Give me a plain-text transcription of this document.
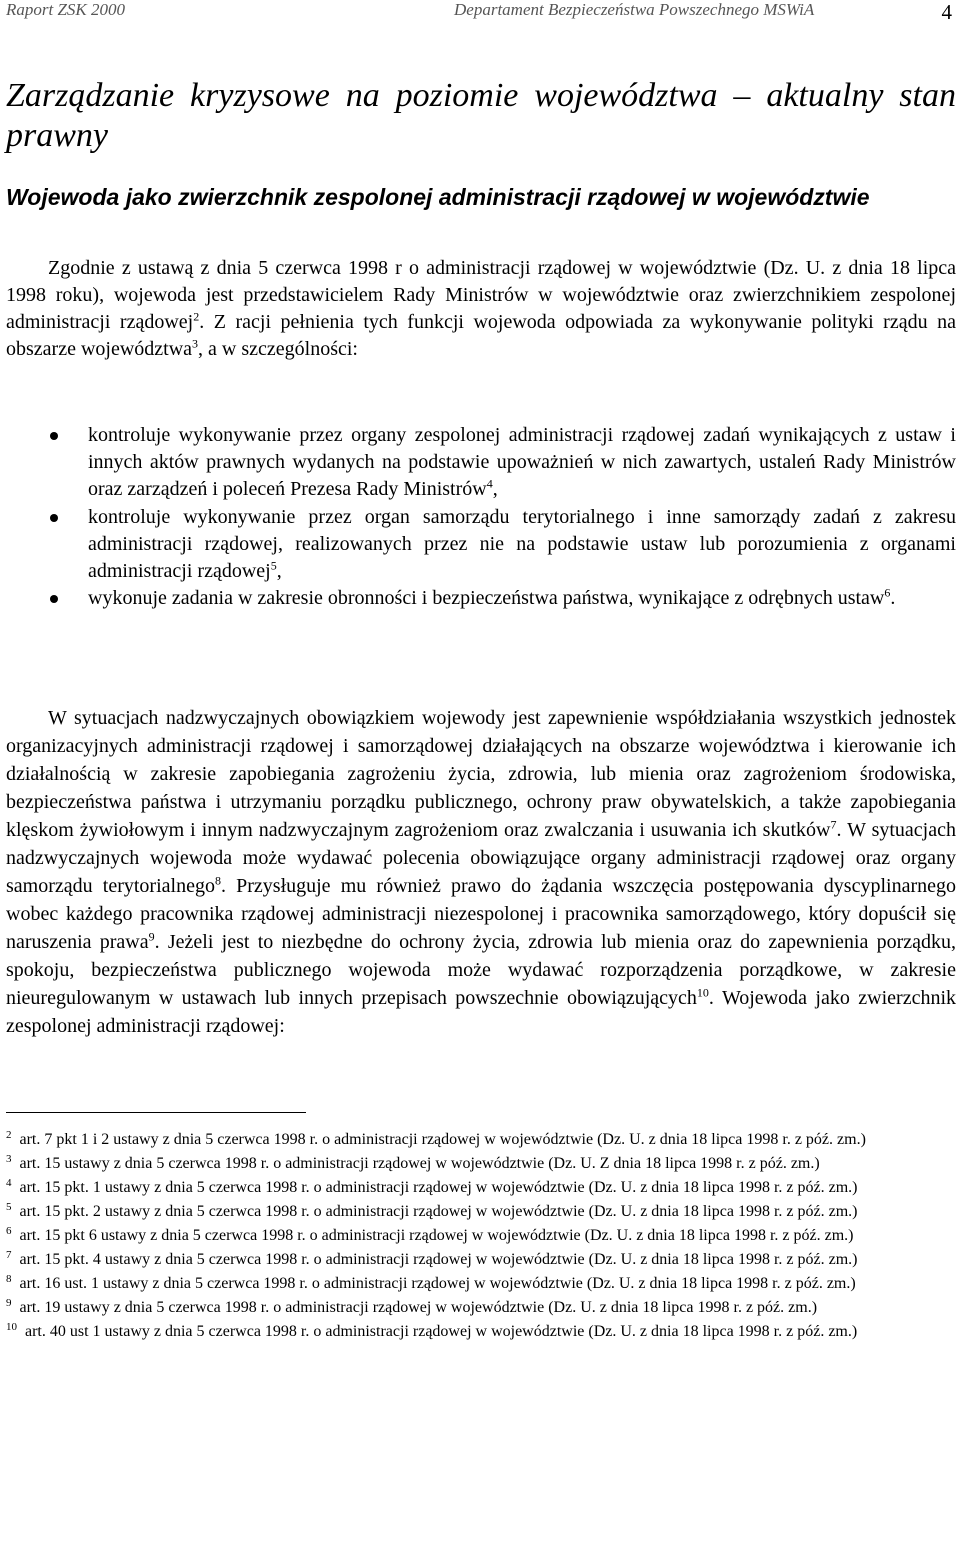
Raport ZSK 2000	Departament Bezpieczeństwa Powszechnego MSWiA	4
Zarządzanie kryzysowe na poziomie województwa – aktualny stan prawny
Wojewoda jako zwierzchnik zespolonej administracji rządowej w województwie

Zgodnie z ustawą z dnia 5 czerwca 1998 r o administracji rządowej w województwie (Dz. U. z dnia 18 lipca 1998 roku), wojewoda jest przedstawicielem Rady Ministrów w województwie oraz zwierzchnikiem zespolonej administracji rządowej$^2$. Z racji pełnienia tych funkcji wojewoda odpowiada za wykonywanie polityki rządu na obszarze województwa$^3$, a w szczególności:

kontroluje wykonywanie przez organy zespolonej administracji rządowej zadań wynikających z ustaw i innych aktów prawnych wydanych na podstawie upoważnień w nich zawartych, ustaleń Rady Ministrów oraz zarządzeń i poleceń Prezesa Rady Ministrów$^4$,
kontroluje wykonywanie przez organ samorządu terytorialnego i inne samorządy zadań z zakresu administracji rządowej, realizowanych przez nie na podstawie ustaw lub porozumienia z organami administracji rządowej$^5$,
wykonuje zadania w zakresie obronności i bezpieczeństwa państwa, wynikające z odrębnych ustaw$^6$.

W sytuacjach nadzwyczajnych obowiązkiem wojewody jest zapewnienie współdziałania wszystkich jednostek organizacyjnych administracji rządowej i samorządowej działających na obszarze województwa i kierowanie ich działalnością w zakresie zapobiegania zagrożeniu życia, zdrowia, lub mienia oraz zagrożeniom środowiska, bezpieczeństwa państwa i utrzymaniu porządku publicznego, ochrony praw obywatelskich, a także zapobiegania klęskom żywiołowym i innym nadzwyczajnym zagrożeniom oraz zwalczania i usuwania ich skutków$^7$. W sytuacjach nadzwyczajnych wojewoda może wydawać polecenia obowiązujące organy administracji rządowej oraz organy samorządu terytorialnego$^8$. Przysługuje mu również prawo do żądania wszczęcia postępowania dyscyplinarnego wobec każdego pracownika rządowej administracji niezespolonej i pracownika samorządowego, który dopuścił się naruszenia prawa$^9$. Jeżeli jest to niezbędne do ochrony życia, zdrowia lub mienia oraz do zapewnienia porządku, spokoju, bezpieczeństwa publicznego wojewoda może wydawać rozporządzenia porządkowe, w zakresie nieuregulowanym w ustawach lub innych przepisach powszechnie obowiązujących$^{10}$. Wojewoda jako zwierzchnik zespolonej administracji rządowej:

$^2$ art. 7 pkt 1 i 2 ustawy z dnia 5 czerwca 1998 r. o administracji rządowej w województwie (Dz. U. z dnia 18 lipca 1998 r. z póź. zm.)
$^3$ art. 15 ustawy z dnia 5 czerwca 1998 r. o administracji rządowej w województwie (Dz. U. Z dnia 18 lipca 1998 r. z póź. zm.)
$^4$ art. 15 pkt. 1 ustawy z dnia 5 czerwca 1998 r. o administracji rządowej w województwie (Dz. U. z dnia 18 lipca 1998 r. z póź. zm.)
$^5$ art. 15 pkt. 2 ustawy z dnia 5 czerwca 1998 r. o administracji rządowej w województwie (Dz. U. z dnia 18 lipca 1998 r. z póź. zm.)
$^6$ art. 15 pkt 6 ustawy z dnia 5 czerwca 1998 r. o administracji rządowej w województwie (Dz. U. z dnia 18 lipca 1998 r. z póź. zm.)
$^7$ art. 15 pkt. 4 ustawy z dnia 5 czerwca 1998 r. o administracji rządowej w województwie (Dz. U. z dnia 18 lipca 1998 r. z póź. zm.)
$^8$ art. 16 ust. 1 ustawy z dnia 5 czerwca 1998 r. o administracji rządowej w województwie (Dz. U. z dnia 18 lipca 1998 r. z póź. zm.)
$^9$ art. 19 ustawy z dnia 5 czerwca 1998 r. o administracji rządowej w województwie (Dz. U. z dnia 18 lipca 1998 r. z póź. zm.)
$^{10}$ art. 40 ust 1 ustawy z dnia 5 czerwca 1998 r. o administracji rządowej w województwie (Dz. U. z dnia 18 lipca 1998 r. z póź. zm.)
